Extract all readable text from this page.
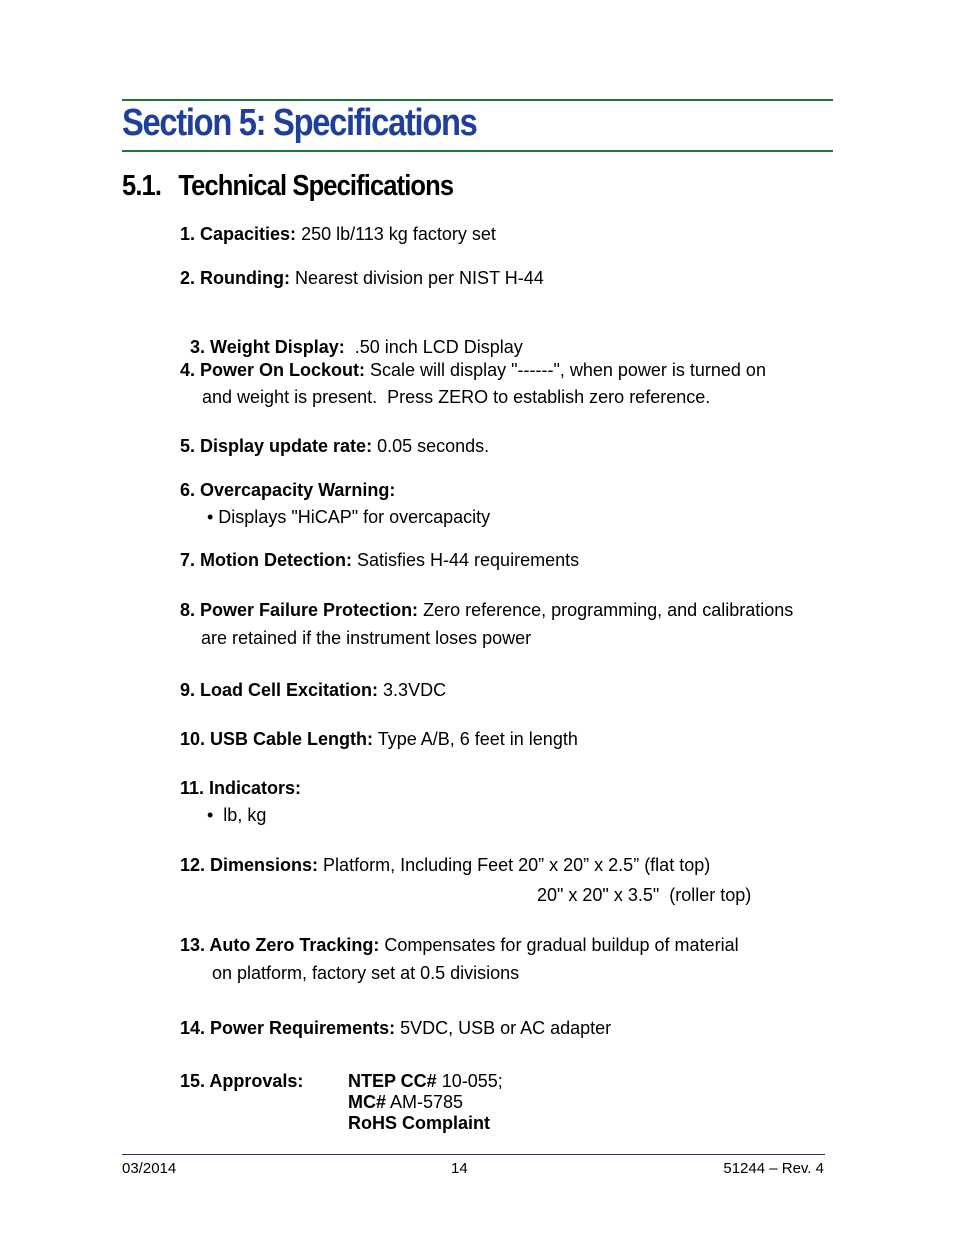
Section 5: Specifications
5.1. Technical Specifications
1. Capacities: 250 lb/113 kg factory set
2. Rounding: Nearest division per NIST H-44

3. Weight Display:  .50 inch LCD Display

4. Power On Lockout: Scale will display "------", when power is turned on
and weight is present.  Press ZERO to establish zero reference.
5. Display update rate: 0.05 seconds.
6. Overcapacity Warning:
• Displays "HiCAP" for overcapacity
7. Motion Detection: Satisfies H-44 requirements
8. Power Failure Protection: Zero reference, programming, and calibrations
are retained if the instrument loses power
9. Load Cell Excitation: 3.3VDC
10. USB Cable Length: Type A/B, 6 feet in length
11. Indicators:
•  lb, kg
12. Dimensions: Platform, Including Feet 20” x 20” x 2.5” (flat top)
20" x 20" x 3.5"  (roller top)
13. Auto Zero Tracking: Compensates for gradual buildup of material
on platform, factory set at 0.5 divisions
14. Power Requirements: 5VDC, USB or AC adapter
15. Approvals: NTEP CC# 10-055;
MC# AM-5785
RoHS Complaint
03/2014	14	51244 – Rev. 4
